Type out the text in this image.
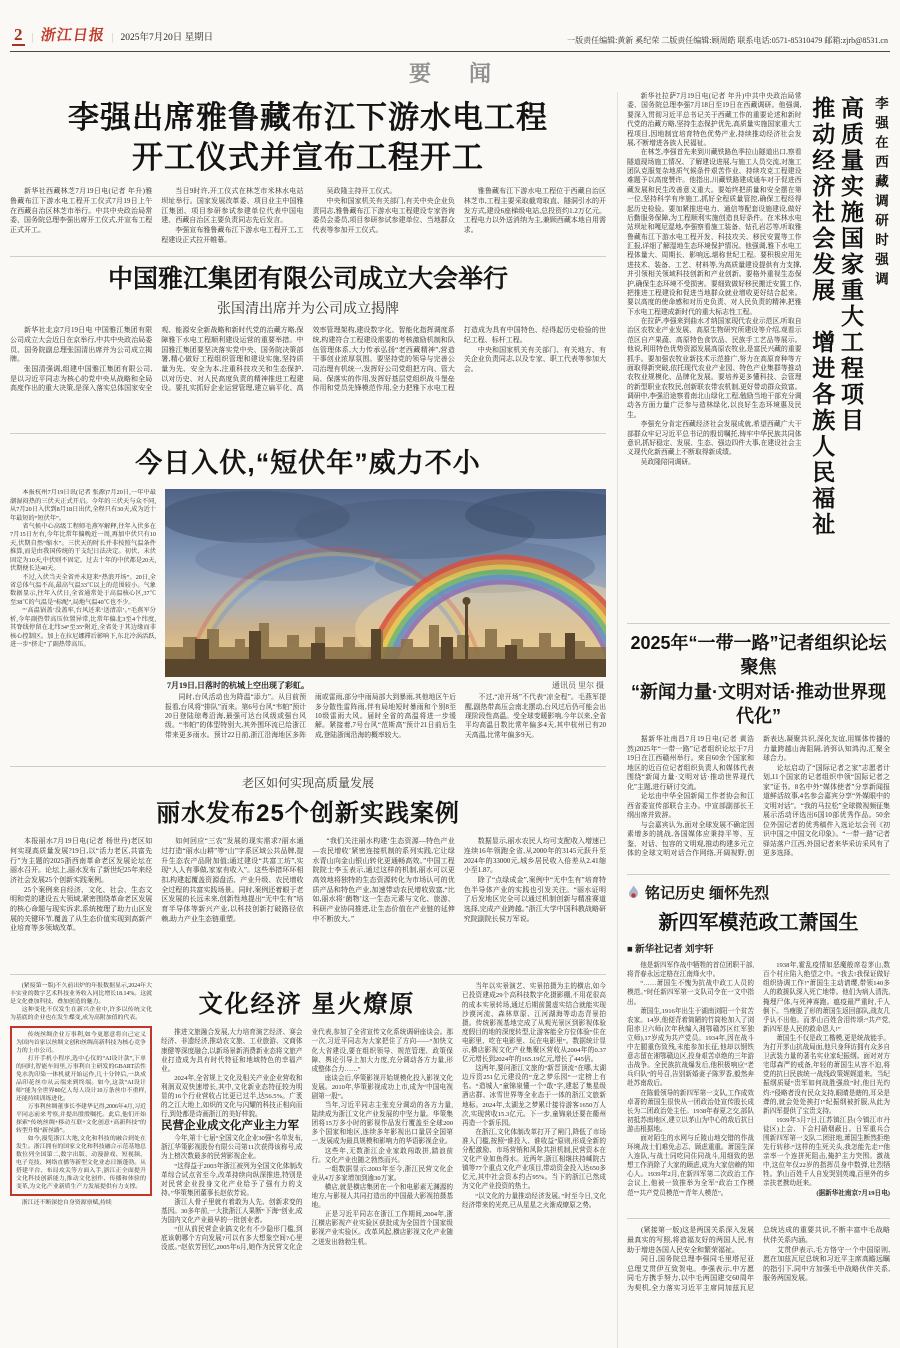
2 | 浙江日报 | 2025年7月20日 星期日	一版责任编辑:黄新 奚纪荣 二版责任编辑:顾周皓 联系电话:0571-85310479 邮箱:zjrb@8531.cn
要 闻
李强出席雅鲁藏布江下游水电工程
开工仪式并宣布工程开工

新华社西藏林芝7月19日电(记者 年升)雅鲁藏布江下游水电工程开工仪式7月19日上午在西藏自治区林芝市举行。中共中央政治局常委、国务院总理李强出席开工仪式,并宣布工程正式开工。

当日9时许,开工仪式在林芝市米林水电站坝址举行。国家发展改革委、项目业主中国雅江集团、项目参研参试参建单位代表中国电建、西藏自治区主要负责同志先后发言。

李强宣布雅鲁藏布江下游水电工程开工,工程建设正式拉开帷幕。

吴政隆主持开工仪式。

中央和国家机关有关部门,有关中央企业负责同志,雅鲁藏布江下游水电工程建设专家咨询委员会委员,项目参研参试参建单位、当地群众代表等参加开工仪式。

雅鲁藏布江下游水电工程位于西藏自治区林芝市,工程主要采取截弯取直、隧洞引水的开发方式,建设6座梯级电站,总投资约1.2万亿元。工程电力以外送消纳为主,兼顾西藏本地自用需求。

中国雅江集团有限公司成立大会举行
张国清出席并为公司成立揭牌

新华社北京7月19日电 中国雅江集团有限公司成立大会近日在京举行,中共中央政治局委员、国务院副总理张国清出席并为公司成立揭牌。

张国清强调,组建中国雅江集团有限公司,是以习近平同志为核心的党中央从战略和全局高度作出的重大决策,是深入落实总体国家安全观、能源安全新战略和新时代党的治藏方略,保障雅下水电工程顺利建设运营的重要举措。中国雅江集团要坚决落实党中央、国务院决策部署,精心做好工程组织管理和建设实施,坚持质量为先、安全为本,注重科技攻关和生态保护,以对历史、对人民高度负责的精神推进工程建设。要扎实抓好企业运营管理,建立扁平化、高效率管理架构,建设数字化、智能化指挥调度系统,构建符合工程建设需要的考核激励机制和队伍管理体系,大力传承弘扬“老西藏精神”,营造干事创业浓厚氛围。要坚持党的领导与完善公司治理有机统一,发挥好公司党组把方向、管大局、保落实的作用,发挥好基层党组织战斗堡垒作用和党员先锋模范作用,全力把雅下水电工程打造成为具有中国特色、经得起历史检验的世纪工程、标杆工程。

中央和国家机关有关部门、有关地方、有关企业负责同志,以及专家、职工代表等参加大会。

今日入伏,“短伏年”威力不小

本报杭州7月19日讯(记者 张源)7月20日,一年中最潮湿闷热的三伏天正式开启。今年的三伏天与众不同,从7月20日入伏到8月18日出伏,全程只有30天,成为近十年最短的“短伏年”。

省气候中心高级工程师毛燕军解释,往年入伏多在7月15日左右,今年比常年偏晚近一周,再加中伏只有10天,伏期自然“缩水”。三伏天的时长并非按照气温条件推算,而是由我国传统的干支纪日法决定。初伏、末伏固定为10天,中伏则不固定。过去十年的中伏都是20天,伏期便长达40天。

不过,入伏当天全省并未迎来“热浪开场”。20日,全省总体气温不高,最高气温33℃以上的范围较小。气象数据显示,往年入伏日,全省通常处于高温核心区,37℃至38℃的气温是“标配”,局地气温40℃也不少。

“‘高温锅盖’没盖牢,台风还来‘送清凉’。”毛燕军分析,今年副热带高压位置异常,比常年偏北3至4个纬度,其脊线停留在北纬34°至35°附近,全省处于其边缘而非核心控制区。加上在拉尼娜滞后影响下,东北冷涡活跃,进一步“挤走”了副热带高压。

7月19日,日落时的杭城上空出现了彩虹。	通讯员 里尔 摄

同时,台风活动也为降温“添力”。从目前预报看,台风将“排队”而来。第6号台风“韦帕”预计20日登陆琼粤沿海,最强可达台风级或强台风级。“韦帕”的体型特别大,其外围环流已给浙江带来更多雨水。预计22日前,浙江沿海地区多阵雨或雷雨,部分中雨局部大到暴雨,其他地区午后多分散性雷阵雨,伴有局地短时暴雨和个别8至10级雷雨大风。届时全省的高温将进一步缓解。紧接着,7号台风“范斯高”预计21日前后生成,登陆浙闽沿海的概率较大。

不过,“凉开场”不代表“凉全程”。毛燕军提醒,副热带高压会南北摆动,台风过后仍可能会出现阶段性高温。受全球变暖影响,今年以来,全省平均高温日数比常年偏多4天,其中杭州已有20天高温,比常年偏多9天。

老区如何实现高质量发展
丽水发布25个创新实践案例

本报丽水7月19日电(记者 杨世丹)老区如何实现高质量发展?19日,以“活力老区,共富先行”为主题的2025浙西南革命老区发展论坛在丽水召开。论坛上,丽水发布了新世纪25年来经济社会发展25个创新实践案例。

25个案例来自经济、文化、社会、生态文明和党的建设五大领域,紧密围绕革命老区发展的核心命题与现实诉求,系统梳理了助力山区发展的关键环节,覆盖了从生态价值实现到高新产业培育等多领域改革。

如何回应“三农”发展的现实需求?丽水通过打造“丽水山耕”等“山”字系区域公共品牌,提升生态农产品附加值;通过建设“共富工坊”,实现“人人有事做,家家有收入”。这些举措环环相扣,构建起覆盖资源盘活、产业升级、农民增收全过程的共富实践场景。同时,案例还着眼于老区发展的长远未来,创新性地提出“无中生有”培育半导体等新兴产业,以科技创新打破路径依赖,助力产业生态链重塑。

“我们关注丽水构建‘生态资源—特色产业—农民增收’紧密连接机制的系列实践,它让绿水青山向金山银山转化更通畅高效。”中国工程院院士李玉表示,通过这样的机制,丽水可以更高效地将独特的生态资源转化为市场认可的优质产品和特色产业,加速带动农民增收致富,“比如,丽水将‘菌物’这一生态元素与文化、旅游、科研产业协同推进,让生态价值在产业链的延伸中不断放大。”

数据显示,丽水农民人均可支配收入增速已连续16年领跑全省,从2000年的3145元跃升至2024年的33000元,城乡居民收入倍差从2.41缩小至1.87。

除了“点绿成金”,案例中“无中生有”培育特色半导体产业的实践也引发关注。“丽水证明了后发地区完全可以通过机制创新与精准赛道选择,完成产业跨越。”浙江大学中国科教战略研究院副院长侯万军说。

(紧接第一版)不久前出炉的年报数据显示,2024年大丰实业的数字艺术科技业务收入同比增长18.14%。这就是文化叠加科技、叠加创造的魅力。

这种变化不仅发生在新兴企业中,许多以传统文化为基底的企业也在发生蝶变,成为高附加值的代表。

传统丝绸企业万事利,如今更愿意将自己定义为国内首家以丝绸文创和丝绸高新科技为核心竞争力的上市公司。

打开手机小程序,选中心仪的“AI设计款”,下单的同时,智能车间里,万事利自主研发的GBART活性免水洗印染一体机就开始运作,几十分钟后,一块成品印花丝巾从云端来到终端。如今,这款“AI设计师”能为全世界80亿人每人设计10万条丝巾不重样,还能持续训练进化。

万事利丝绸董事长李建华记得,2006年4月,习近平同志前来考察,并提出殷殷嘱托。此后,他们开始探索“传统丝绸+移动互联+文化创意+高新科技”的转型升级“新丝路”。

如今,漫览浙江大地,文化和科技的融合到处在发生。浙江拥有的国家文化和科技融合示范基地总数位列全国第二,数字出版、动漫游戏、短视频、电子竞技、网络直播等新型文化业态日渐蓬勃。从搭建平台、布局攻关等方面入手,浙江正全面提升文化科技创新能力,推动文化创作、传播和体验的变革,为文化产业新质生产力发展提供有力支撑。

浙江还不断深挖自身资源禀赋,持续

文化经济 星火燎原

推进文旅融合发展,大力培育演艺经济、赛会经济、非遗经济,推动农文旅、工业旅游、文商体康健等深度融合,以新场景新消费新业态将文旅产业打造成为具有时代特征和地域特色的幸福产业。

2024年,全省规上文化及相关产业企业营收和利润双双快速增长,其中,文化新业态特征较为明显的16个行业营收占比更已过半,达56.5%。广袤的之江大地上,如炽的文化与闪耀的科技正相向而行,到处都是诗画浙江的美好样貌。

民营企业成文化产业主力军

今年,第十七届“全国文化企业30强”名单发布,浙江华策影视股份有限公司第11次获得该称号,成为上榜次数最多的民营影视企业。

“这得益于2003年浙江被列为全国文化体制改革综合试点省至今,改革持续向纵深推进,特别是对民营企业投身文化产业给予了强有力的支持。”华策集团董事长赵依芳说。

浙江人骨子里就有着敢为人先、创新求变的基因。30多年前,一大批浙江人果断“下海”创业,成为国内文化产业最早的一批创业者。

“但从前民营企业搞文化有不少隐形门槛,到底该朝哪个方向发展?可以有多大想象空间?心里没底。”赵依芳回忆,2005年6月,她作为民营文化企业代表,参加了全省宣传文化系统调研座谈会。那一次,习近平同志为大家把住了方向——“加快文化大省建设,要在组织领导、规范管理、政策保障、舆论引导上加大力度,充分调动各方力量,形成整体合力……”

座谈会后,华策影视开始规模化投入影视文化发展。2010年,华策影视成功上市,成为“中国电视剧第一股”。

当年,习近平同志主张充分调动的各方力量,陆续成为浙江文化产业发展的中坚力量。华策集团将15万多小时的影视作品发行覆盖至全球200多个国家和地区,连续多年影视出口量居全国第一,发展成为最具规模和影响力的华语影视企业。

这些年,无数浙江企业家敢闯敢拼,踏浪前行。文化产业也随之勃然而兴。

一组数据显示:2003年至今,浙江民营文化企业从4万多家增加到逾30万家。

横店,就是横店集团在一个和电影素无渊源的地方,与影视人共同打造出的中国最大影视拍摄基地。

正是习近平同志在浙江工作期间,2004年,浙江横店影视产业实验区获批成为全国首个国家级影视产业实验区。改革风起,横店影视文化产业随之迸发出勃勃生机。

当年以实景演艺、实景拍摄为主的横店,如今已投资建成29个高科技数字化摄影棚,不用花很高的成本实景转场,通过后期前置虚实结合就能实现沙漠河流、森林草原、江河湖海等动态背景拍摄。传统影视基地完成了从观光景区到影视体验度假目的地的深度转型,让游客能全方位体验“住在电影里、吃在电影里、玩在电影里”。数据统计显示,横店影视文化产业集聚区营收从2004年的0.37亿元增长到2024年的165.19亿元,增长了445倍。

这两年,要问浙江文旅的“新晋顶流”在哪,太湖边斥资251亿元建设的“龙之梦乐园”一定榜上有名。“造城人”童锦泉懂一个“敢”字,建起了集星级酒店群、冰雪世界等全业态于一体的浙江文旅新地标。2024年,太湖龙之梦累计接待游客1650万人次,实现营收15.3亿元。下一步,童锦泉还要在衢州再造一个新乐园。

在浙江,文化体制改革打开了闸门,降低了市场准入门槛,按照“谁投入、谁收益”原则,形成全新的分配激励、市场营销和风险共担机制,民营资本在文化产业如鱼得水。近两年,浙江相继扶持嵊院古镇等77个重点文化产业项目,带动资金投入达650多亿元,其中社会资本约占95%。当下的浙江已然成为文化产业投资的热土。

“以文化的力量推动经济发展。”时至今日,文化经济带来的光亮,已从星星之火渐成燎原之势。

新华社拉萨7月19日电(记者 年升)中共中央政治局常委、国务院总理李强7月18日至19日在西藏调研。他强调,要深入贯彻习近平总书记关于西藏工作的重要论述和新时代党的治藏方略,坚持生态保护优先,高质量实施国家重大工程项目,因地制宜培育特色优势产业,持续推动经济社会发展,不断增进各族人民福祉。

在林芝,李强首先来到川藏铁路色季拉山隧道出口,察看隧道现场施工情况、了解建设进展,与施工人员交流,对施工团队克服复杂地质气候条件艰苦作业、持续攻克工程建设难题予以高度赞许。他指出,川藏铁路建成通车对于促进西藏发展和民生改善意义重大。要始终把质量和安全摆在第一位,坚持科学有序施工,抓好全程质量管控,确保工程经得起历史检验。要加紧推进电力、通信等配套设施建设,做好后勤服务保障,为工程顺利实施创造良好条件。在米林水电站坝址和嘎尼湿地,李强察看施工装备、钻孔岩芯等,听取雅鲁藏布江下游水电工程开发、科技攻关、移民安置等工作汇报,详细了解湿地生态环境保护情况。他强调,雅下水电工程体量大、周期长、影响远,堪称世纪工程。要积极应用先进技术、装备、工艺、材料等,为高质量建设提供有力支撑,并引领相关领域科技创新和产业创新。要格外重视生态保护,确保生态环境不受损害。要细致做好移民搬迁安置工作,把推进工程建设和促进当地群众就业增收更好结合起来。要以高度的使命感和对历史负责、对人民负责的精神,把雅下水电工程建成新时代的重大标志性工程。

在拉萨,李强来到曲水才纳国家现代农业示范区,听取自治区农牧业产业发展、高原生物研究所建设等介绍,观看示范区自产果蔬、高原特色食饮品、民族手工艺品等展示。他说,利用特色优势资源发展高原农牧业,是富民兴藏的重要抓手。要加强农牧业新技术示范推广,努力在高原育种等方面取得新突破,依托现代农业产业园、特色产业集群等推动农牧业规模化、品牌化发展。要培养更多懂科技、会管理的新型职业农牧民,创新联农带农机制,更好带动群众致富。调研中,李强沿途察看南北山绿化工程,勉励当地干部充分调动各方面力量广泛参与造林绿化,以良好生态环境惠及民生。

李强充分肯定西藏经济社会发展成就,希望西藏广大干部群众牢记习近平总书记的殷切嘱托,铸牢中华民族共同体意识,抓好稳定、发展、生态、强边四件大事,在建设社会主义现代化新西藏上不断取得新成绩。

吴政隆陪同调研。

李强在西藏调研时强调
高质量实施国家重大工程项目
推动经济社会发展　增进各族人民福祉
2025年“一带一路”记者组织论坛聚焦
“新闻力量·文明对话·推动世界现代化”

据新华社南昌7月19日电(记者 黄浩然)2025年“一带一路”记者组织论坛于7月19日在江西赣州举行。来自60余个国家和地区的近百位记者组织负责人和媒体代表围绕“新闻力量·文明对话·推动世界现代化”主题,进行研讨交流。

论坛由中华全国新闻工作者协会和江西省委宣传部联合主办。中宣部副部长王纲出席并致辞。

与会嘉宾认为,面对全球发展不确定因素增多的挑战,各国媒体应秉持平等、互鉴、对话、包容的文明观,推动构建多元立体的全球文明对话合作网络,开阔视野,创新表达,凝聚共识,深化友谊,用媒体传播的力量跨越山海阻隔,消弭认知鸿沟,汇聚全球合力。

论坛启动了“国际记者之家”志愿者计划,11个国家的记者组织申领“国际记者之家”证书。8名中外“媒体使者”分享新闻报道鲜活故事,4名参会嘉宾分享“外媒眼中的文明对话”。“我的马拉松”全球微视频征集展示活动评选出6国10部优秀作品。50余位外国记者的优秀稿件入选论坛会刊《初识中国之中国文化印象》。“一带一路”记者驿站落户江西,外国记者来华采访采风有了更多选择。

铭记历史 缅怀先烈
新四军模范政工萧国生
■ 新华社记者 刘宇轩

他是新四军作战中牺牲的首位团职干部,将青春永远定格在江南烽火中。

“……萧国生不愧为抗战中政工人员的模范。”时任新四军第一支队司令在一文中指出。

萧国生,1916年出生于湖南浏阳一个贫苦农家。14岁,他便背着简陋的竹筒枪加入了浏阳赤卫六师(次年秋编入湘鄂赣苏区红军独立师),17岁成为共产党员。1934年,因在战斗中左腿重伤致残,未能参加长征,他却以钢铁意志留在湘鄂赣边区,投身艰苦卓绝的三年游击战争。全民族抗战爆发后,他积极响应“老兵归队”的号召,告别新婚妻子陈罗香,毅然奔赴苏南敌后。

在陈毅领导的新四军第一支队,工作成效卓著的萧国生很快从一团政治处宣传股长成长为二团政治处主任。1938年春夏之交,部队初抵苏南地区,建立以茅山为中心的敌后抗日游击根据地。

面对陌生的水网与丘陵山地交错的作战环境,战士们难免忐忑、顾虑重重。萧国生深入连队,与战士同吃同住同战斗,用细致的思想工作消除了大家的顾虑,成为大家信赖的知心人。1939年2月,在新四军第二次政治工作会议上,他被一致推举为全军“政治工作模范”“共产党员模范”“青年人模范”。

1938年,霍乱疫情如恶魔般席卷茅山,数百个村庄陷入绝望之中。“我去!我保证做好组织协调工作!”萧国生主动请缨,带领140多人的救援队深入死亡地带。他们为病人清洗,掩埋尸体,与死神赛跑。瘟疫最严重时,千人倒下。当瘦脱了形的萧国生返回部队,战友几乎认不出他。而茅山百姓含泪传颂:“共产党,新四军是人民的救命恩人!”

萧国生不仅是政工楷模,更是统战能手。为打开茅山抗战局面,他只身拜访拥有众多自卫武装力量的著名实业家纪振纲。面对对方宅邸森严的戒备,年轻的萧国生从容不迫,将党的抗日民族统一战线政策娓娓道来。当纪振纲质疑“贵军如何战胜强敌”时,他目光灼灼:“侵略者没有民众支持,眼睛是瞎的,耳朵是聋的,就会处处挨打!”纪振纲被折服,从此为新四军提供了宝贵支持。

1939年3月7日,江苏镇江县(今镇江市丹徒区)上会、下会村硝烟蔽日。日军重兵合围新四军第一支队二团驻地,萧国生断然拒绝先行转移:“这样的生死关头,我怎能先走!”他亲率一个连拼死阻击,掩护主力突围。激战中,这位年仅22岁的指挥员身中数弹,壮烈牺牲。茅山百姓千人自发哭别英魂,百里外的乡亲扶老携幼赶来。

(据新华社南京7月19日电)

(紧接第一版)这是两国关系深入发展最真实的写照,将造福友好的两国人民,有助于增进各国人民安全和繁荣福祉。

同日,国务院总理李强同毛里塔尼亚总理艾贯伊互致贺电。李强表示,中方愿同毛方携手努力,以中毛两国建交60周年为契机,全力落实习近平主席同加兹瓦尼总统达成的重要共识,不断丰富中毛战略伙伴关系内涵。

艾贯伊表示,毛方恪守一个中国原则,愿在加兹瓦尼总统和习近平主席高瞻远瞩的指引下,同中方加强毛中战略伙伴关系,服务两国发展。
